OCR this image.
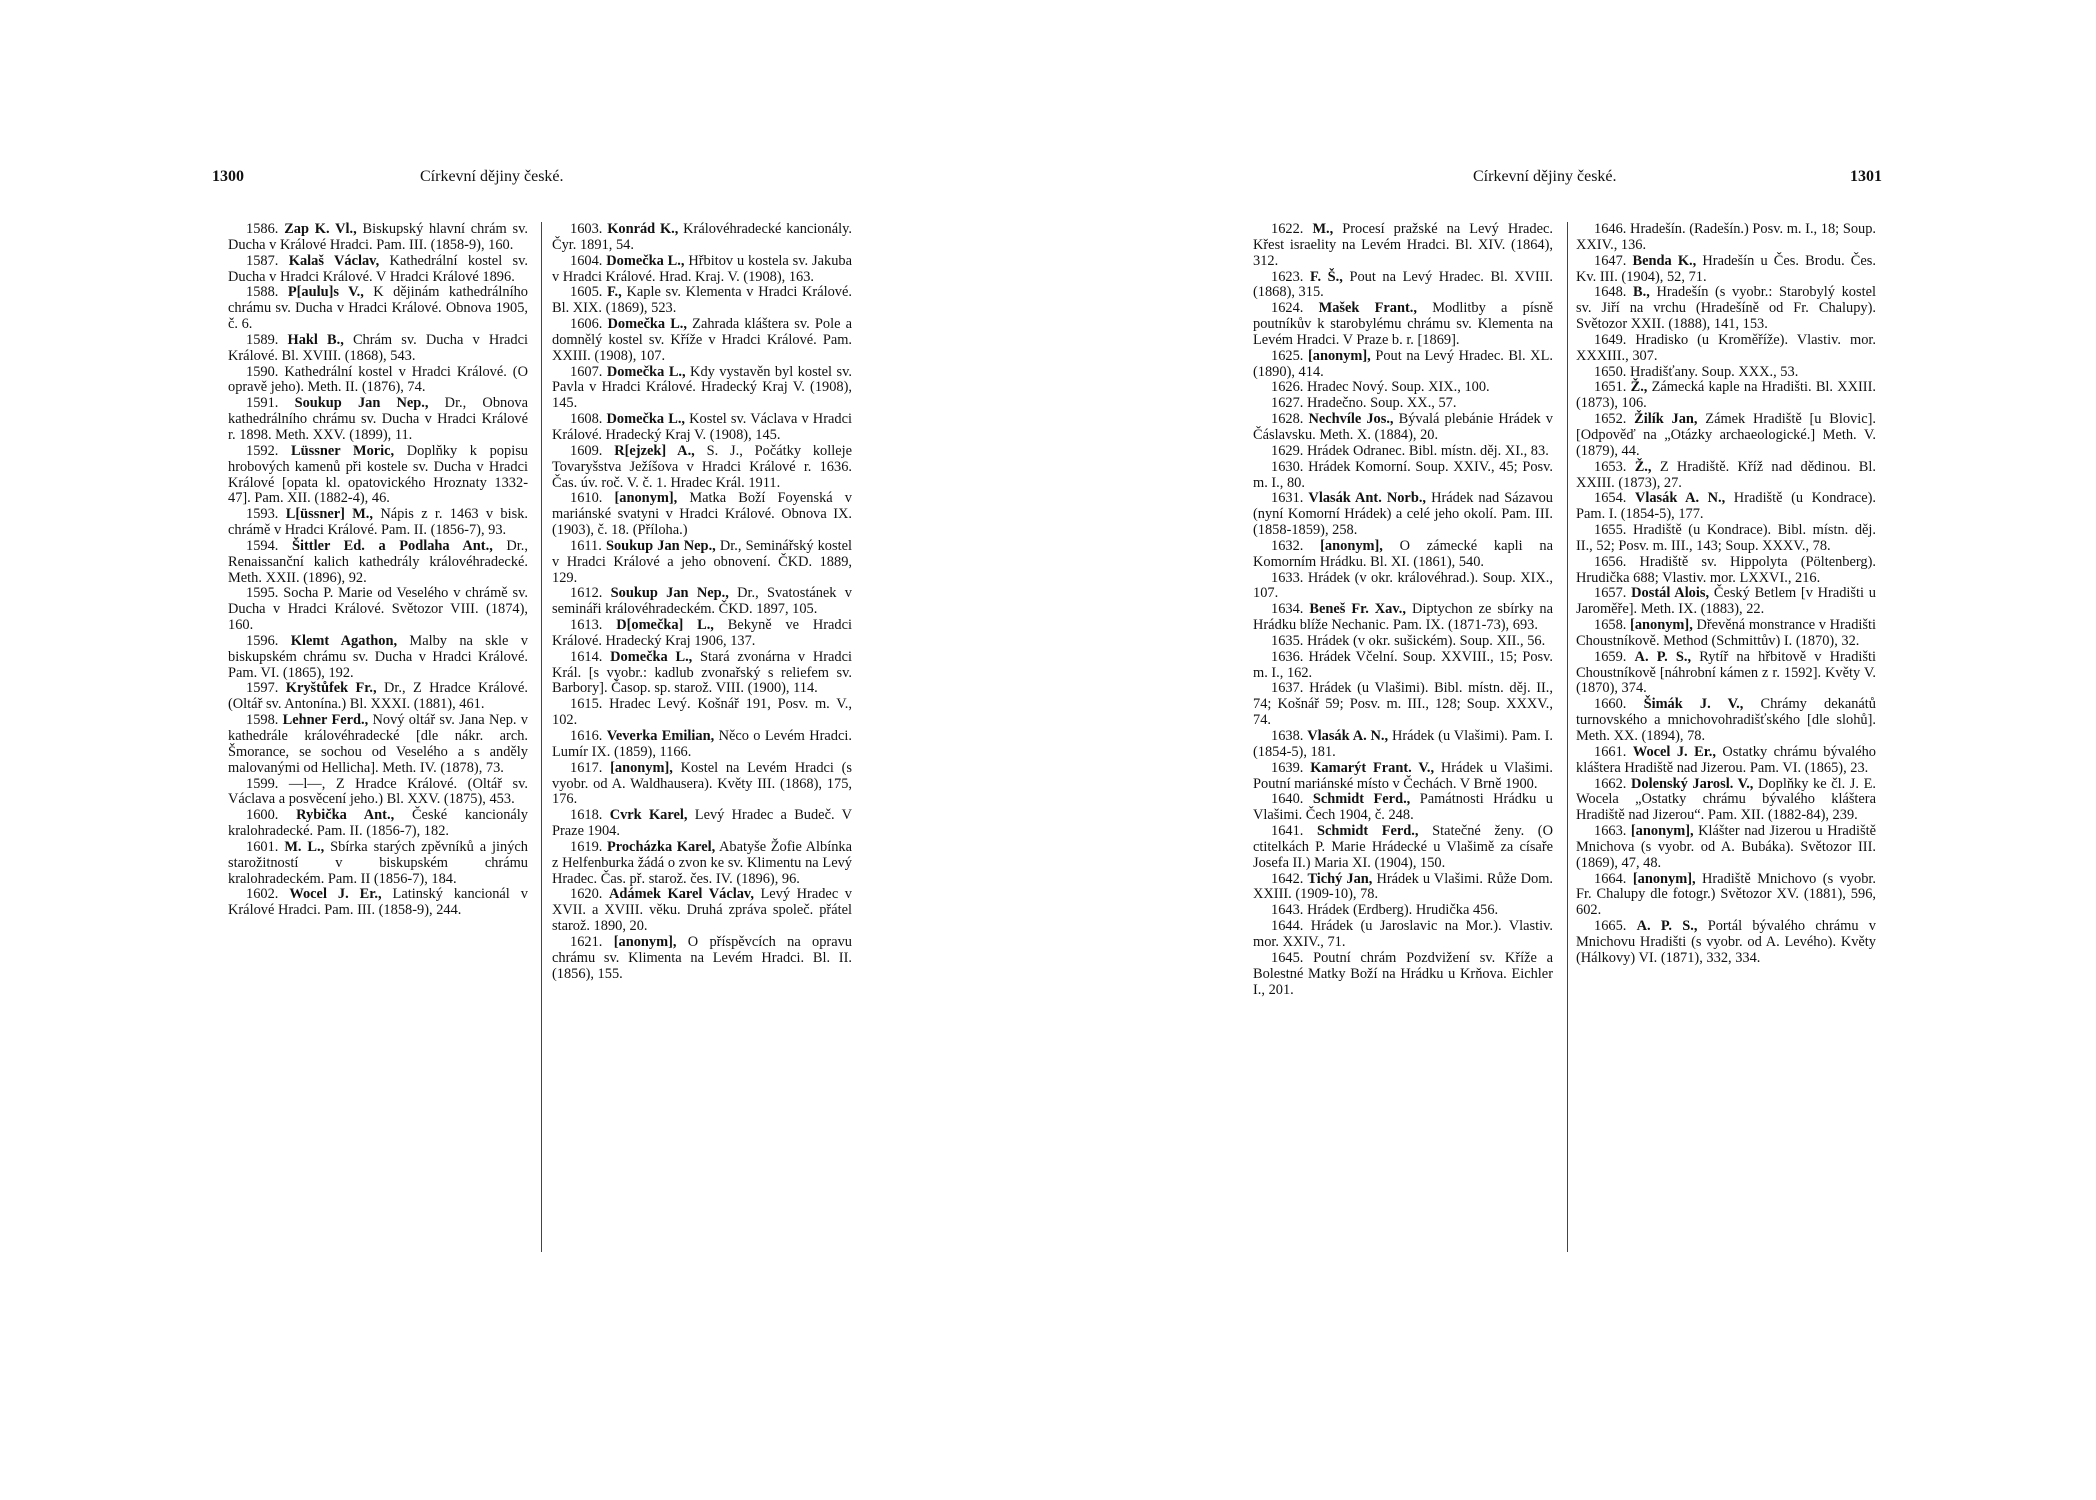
1300	Církevní dějiny české.

1586. Zap K. Vl., Biskupský hlavní chrám sv. Ducha v Králové Hradci. Pam. III. (1858-9), 160.

1587. Kalaš Václav, Kathedrální kostel sv. Ducha v Hradci Králové. V Hradci Králové 1896.

1588. P[aulu]s V., K dějinám kathedrálního chrámu sv. Ducha v Hradci Králové. Obnova 1905, č. 6.

1589. Hakl B., Chrám sv. Ducha v Hradci Králové. Bl. XVIII. (1868), 543.

1590. Kathedrální kostel v Hradci Králové. (O opravě jeho). Meth. II. (1876), 74.

1591. Soukup Jan Nep., Dr., Obnova kathedrálního chrámu sv. Ducha v Hradci Králové r. 1898. Meth. XXV. (1899), 11.

1592. Lüssner Moric, Doplňky k popisu hrobových kamenů při kostele sv. Ducha v Hradci Králové [opata kl. opatovického Hroznaty 1332-47]. Pam. XII. (1882-4), 46.

1593. L[üssner] M., Nápis z r. 1463 v bisk. chrámě v Hradci Králové. Pam. II. (1856-7), 93.

1594. Šittler Ed. a Podlaha Ant., Dr., Renaissanční kalich kathedrály královéhradecké. Meth. XXII. (1896), 92.

1595. Socha P. Marie od Veselého v chrámě sv. Ducha v Hradci Králové. Světozor VIII. (1874), 160.

1596. Klemt Agathon, Malby na skle v biskupském chrámu sv. Ducha v Hradci Králové. Pam. VI. (1865), 192.

1597. Kryštůfek Fr., Dr., Z Hradce Králové. (Oltář sv. Antonína.) Bl. XXXI. (1881), 461.

1598. Lehner Ferd., Nový oltář sv. Jana Nep. v kathedrále královéhradecké [dle nákr. arch. Šmorance, se sochou od Veselého a s anděly malovanými od Hellicha]. Meth. IV. (1878), 73.

1599. —l—, Z Hradce Králové. (Oltář sv. Václava a posvěcení jeho.) Bl. XXV. (1875), 453.

1600. Rybička Ant., České kancionály kralohradecké. Pam. II. (1856-7), 182.

1601. M. L., Sbírka starých zpěvníků a jiných starožitností v biskupském chrámu kralohradeckém. Pam. II (1856-7), 184.

1602. Wocel J. Er., Latinský kancionál v Králové Hradci. Pam. III. (1858-9), 244.

1603. Konrád K., Královéhradecké kancionály. Čyr. 1891, 54.

1604. Domečka L., Hřbitov u kostela sv. Jakuba v Hradci Králové. Hrad. Kraj. V. (1908), 163.

1605. F., Kaple sv. Klementa v Hradci Králové. Bl. XIX. (1869), 523.

1606. Domečka L., Zahrada kláštera sv. Pole a domnělý kostel sv. Kříže v Hradci Králové. Pam. XXIII. (1908), 107.

1607. Domečka L., Kdy vystavěn byl kostel sv. Pavla v Hradci Králové. Hradecký Kraj V. (1908), 145.

1608. Domečka L., Kostel sv. Václava v Hradci Králové. Hradecký Kraj V. (1908), 145.

1609. R[ejzek] A., S. J., Počátky kolleje Tovaryšstva Ježíšova v Hradci Králové r. 1636. Čas. úv. roč. V. č. 1. Hradec Král. 1911.

1610. [anonym], Matka Boží Foyenská v mariánské svatyni v Hradci Králové. Obnova IX. (1903), č. 18. (Příloha.)

1611. Soukup Jan Nep., Dr., Seminářský kostel v Hradci Králové a jeho obnovení. ČKD. 1889, 129.

1612. Soukup Jan Nep., Dr., Svatostánek v semináři královéhradeckém. ČKD. 1897, 105.

1613. D[omečka] L., Bekyně ve Hradci Králové. Hradecký Kraj 1906, 137.

1614. Domečka L., Stará zvonárna v Hradci Král. [s vyobr.: kadlub zvonařský s reliefem sv. Barbory]. Časop. sp. starož. VIII. (1900), 114.

1615. Hradec Levý. Košnář 191, Posv. m. V., 102.

1616. Veverka Emilian, Něco o Levém Hradci. Lumír IX. (1859), 1166.

1617. [anonym], Kostel na Levém Hradci (s vyobr. od A. Waldhausera). Květy III. (1868), 175, 176.

1618. Cvrk Karel, Levý Hradec a Budeč. V Praze 1904.

1619. Procházka Karel, Abatyše Žofie Albínka z Helfenburka žádá o zvon ke sv. Klimentu na Levý Hradec. Čas. př. starož. čes. IV. (1896), 96.

1620. Adámek Karel Václav, Levý Hradec v XVII. a XVIII. věku. Druhá zpráva společ. přátel starož. 1890, 20.

1621. [anonym], O příspěvcích na opravu chrámu sv. Klimenta na Levém Hradci. Bl. II. (1856), 155.

Církevní dějiny české.	1301

1622. M., Procesí pražské na Levý Hradec. Křest israelity na Levém Hradci. Bl. XIV. (1864), 312.

1623. F. Š., Pout na Levý Hradec. Bl. XVIII. (1868), 315.

1624. Mašek Frant., Modlitby a písně poutníkův k starobylému chrámu sv. Klementa na Levém Hradci. V Praze b. r. [1869].

1625. [anonym], Pout na Levý Hradec. Bl. XL. (1890), 414.

1626. Hradec Nový. Soup. XIX., 100.

1627. Hradečno. Soup. XX., 57.

1628. Nechvíle Jos., Bývalá plebánie Hrádek v Čáslavsku. Meth. X. (1884), 20.

1629. Hrádek Odranec. Bibl. místn. děj. XI., 83.

1630. Hrádek Komorní. Soup. XXIV., 45; Posv. m. I., 80.

1631. Vlasák Ant. Norb., Hrádek nad Sázavou (nyní Komorní Hrádek) a celé jeho okolí. Pam. III. (1858-1859), 258.

1632. [anonym], O zámecké kapli na Komorním Hrádku. Bl. XI. (1861), 540.

1633. Hrádek (v okr. královéhrad.). Soup. XIX., 107.

1634. Beneš Fr. Xav., Diptychon ze sbírky na Hrádku blíže Nechanic. Pam. IX. (1871-73), 693.

1635. Hrádek (v okr. sušickém). Soup. XII., 56.

1636. Hrádek Včelní. Soup. XXVIII., 15; Posv. m. I., 162.

1637. Hrádek (u Vlašimi). Bibl. místn. děj. II., 74; Košnář 59; Posv. m. III., 128; Soup. XXXV., 74.

1638. Vlasák A. N., Hrádek (u Vlašimi). Pam. I. (1854-5), 181.

1639. Kamarýt Frant. V., Hrádek u Vlašimi. Poutní mariánské místo v Čechách. V Brně 1900.

1640. Schmidt Ferd., Památnosti Hrádku u Vlašimi. Čech 1904, č. 248.

1641. Schmidt Ferd., Statečné ženy. (O ctitelkách P. Marie Hrádecké u Vlašimě za císaře Josefa II.) Maria XI. (1904), 150.

1642. Tichý Jan, Hrádek u Vlašimi. Růže Dom. XXIII. (1909-10), 78.

1643. Hrádek (Erdberg). Hrudička 456.

1644. Hrádek (u Jaroslavic na Mor.). Vlastiv. mor. XXIV., 71.

1645. Poutní chrám Pozdvižení sv. Kříže a Bolestné Matky Boží na Hrádku u Krňova. Eichler I., 201.

1646. Hradešín. (Radešín.) Posv. m. I., 18; Soup. XXIV., 136.

1647. Benda K., Hradešín u Čes. Brodu. Čes. Kv. III. (1904), 52, 71.

1648. B., Hradešín (s vyobr.: Starobylý kostel sv. Jiří na vrchu (Hradešíně od Fr. Chalupy). Světozor XXII. (1888), 141, 153.

1649. Hradisko (u Kroměříže). Vlastiv. mor. XXXIII., 307.

1650. Hradišťany. Soup. XXX., 53.

1651. Ž., Zámecká kaple na Hradišti. Bl. XXIII. (1873), 106.

1652. Žilík Jan, Zámek Hradiště [u Blovic]. [Odpověď na „Otázky archaeologické.] Meth. V. (1879), 44.

1653. Ž., Z Hradiště. Kříž nad dědinou. Bl. XXIII. (1873), 27.

1654. Vlasák A. N., Hradiště (u Kondrace). Pam. I. (1854-5), 177.

1655. Hradiště (u Kondrace). Bibl. místn. děj. II., 52; Posv. m. III., 143; Soup. XXXV., 78.

1656. Hradiště sv. Hippolyta (Pöltenberg). Hrudička 688; Vlastiv. mor. LXXVI., 216.

1657. Dostál Alois, Český Betlem [v Hradišti u Jaroměře]. Meth. IX. (1883), 22.

1658. [anonym], Dřevěná monstrance v Hradišti Choustníkově. Method (Schmittův) I. (1870), 32.

1659. A. P. S., Rytíř na hřbitově v Hradišti Choustníkově [náhrobní kámen z r. 1592]. Květy V. (1870), 374.

1660. Šimák J. V., Chrámy dekanátů turnovského a mnichovohradišťského [dle slohů]. Meth. XX. (1894), 78.

1661. Wocel J. Er., Ostatky chrámu bývalého kláštera Hradiště nad Jizerou. Pam. VI. (1865), 23.

1662. Dolenský Jarosl. V., Doplňky ke čl. J. E. Wocela „Ostatky chrámu bývalého kláštera Hradiště nad Jizerou“. Pam. XII. (1882-84), 239.

1663. [anonym], Klášter nad Jizerou u Hradiště Mnichova (s vyobr. od A. Bubáka). Světozor III. (1869), 47, 48.

1664. [anonym], Hradiště Mnichovo (s vyobr. Fr. Chalupy dle fotogr.) Světozor XV. (1881), 596, 602.

1665. A. P. S., Portál bývalého chrámu v Mnichovu Hradišti (s vyobr. od A. Levého). Květy (Hálkovy) VI. (1871), 332, 334.
